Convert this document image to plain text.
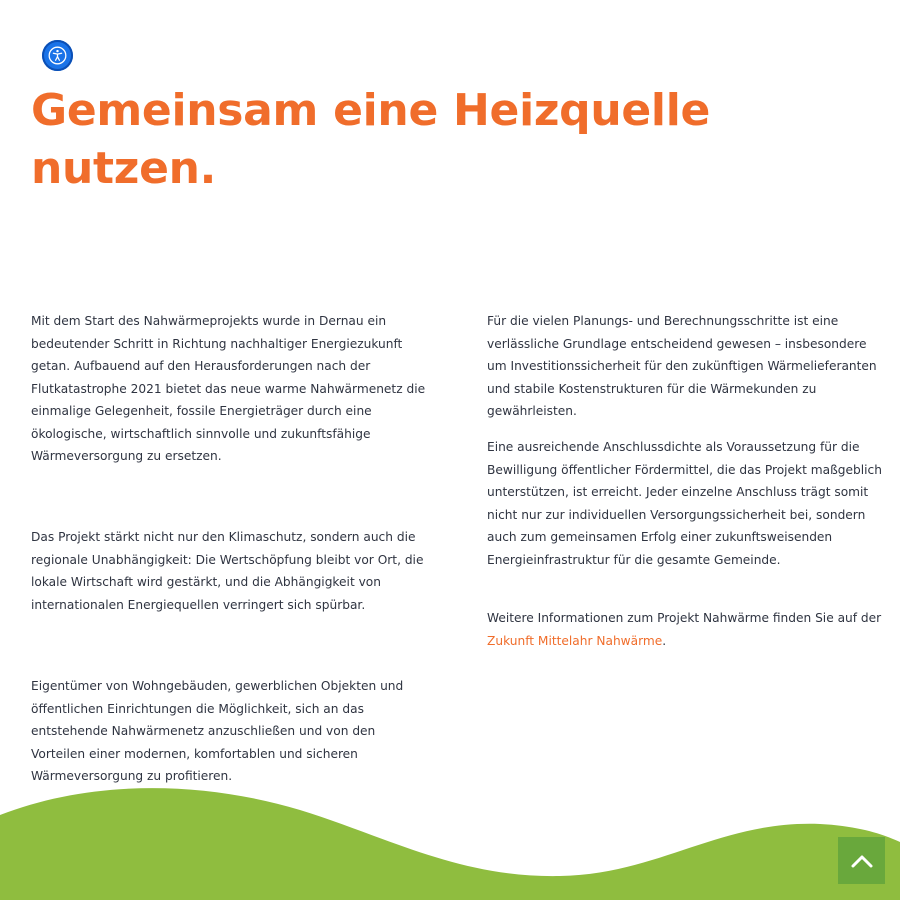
Gemeinsam eine Heizquelle
nutzen.

Mit dem Start des Nahwärmeprojekts wurde in Dernau ein bedeutender Schritt in Richtung nachhaltiger Energiezukunft getan. Aufbauend auf den Herausforderungen nach der Flutkatastrophe 2021 bietet das neue warme Nahwärmenetz die einmalige Gelegenheit, fossile Energieträger durch eine ökologische, wirtschaftlich sinnvolle und zukunftsfähige Wärmeversorgung zu ersetzen.

Das Projekt stärkt nicht nur den Klimaschutz, sondern auch die regionale Unabhängigkeit: Die Wertschöpfung bleibt vor Ort, die lokale Wirtschaft wird gestärkt, und die Abhängigkeit von internationalen Energiequellen verringert sich spürbar.

Eigentümer von Wohngebäuden, gewerblichen Objekten und öffentlichen Einrichtungen die Möglichkeit, sich an das entstehende Nahwärmenetz anzuschließen und von den Vorteilen einer modernen, komfortablen und sicheren Wärmeversorgung zu profitieren.

Für die vielen Planungs- und Berechnungsschritte ist eine verlässliche Grundlage entscheidend gewesen – insbesondere um Investitionssicherheit für den zukünftigen Wärmelieferanten und stabile Kostenstrukturen für die Wärmekunden zu gewährleisten.

Eine ausreichende Anschlussdichte als Voraussetzung für die Bewilligung öffentlicher Fördermittel, die das Projekt maßgeblich unterstützen, ist erreicht. Jeder einzelne Anschluss trägt somit nicht nur zur individuellen Versorgungssicherheit bei, sondern auch zum gemeinsamen Erfolg einer zukunftsweisenden Energieinfrastruktur für die gesamte Gemeinde.

Weitere Informationen zum Projekt Nahwärme finden Sie auf der Zukunft Mittelahr Nahwärme.
